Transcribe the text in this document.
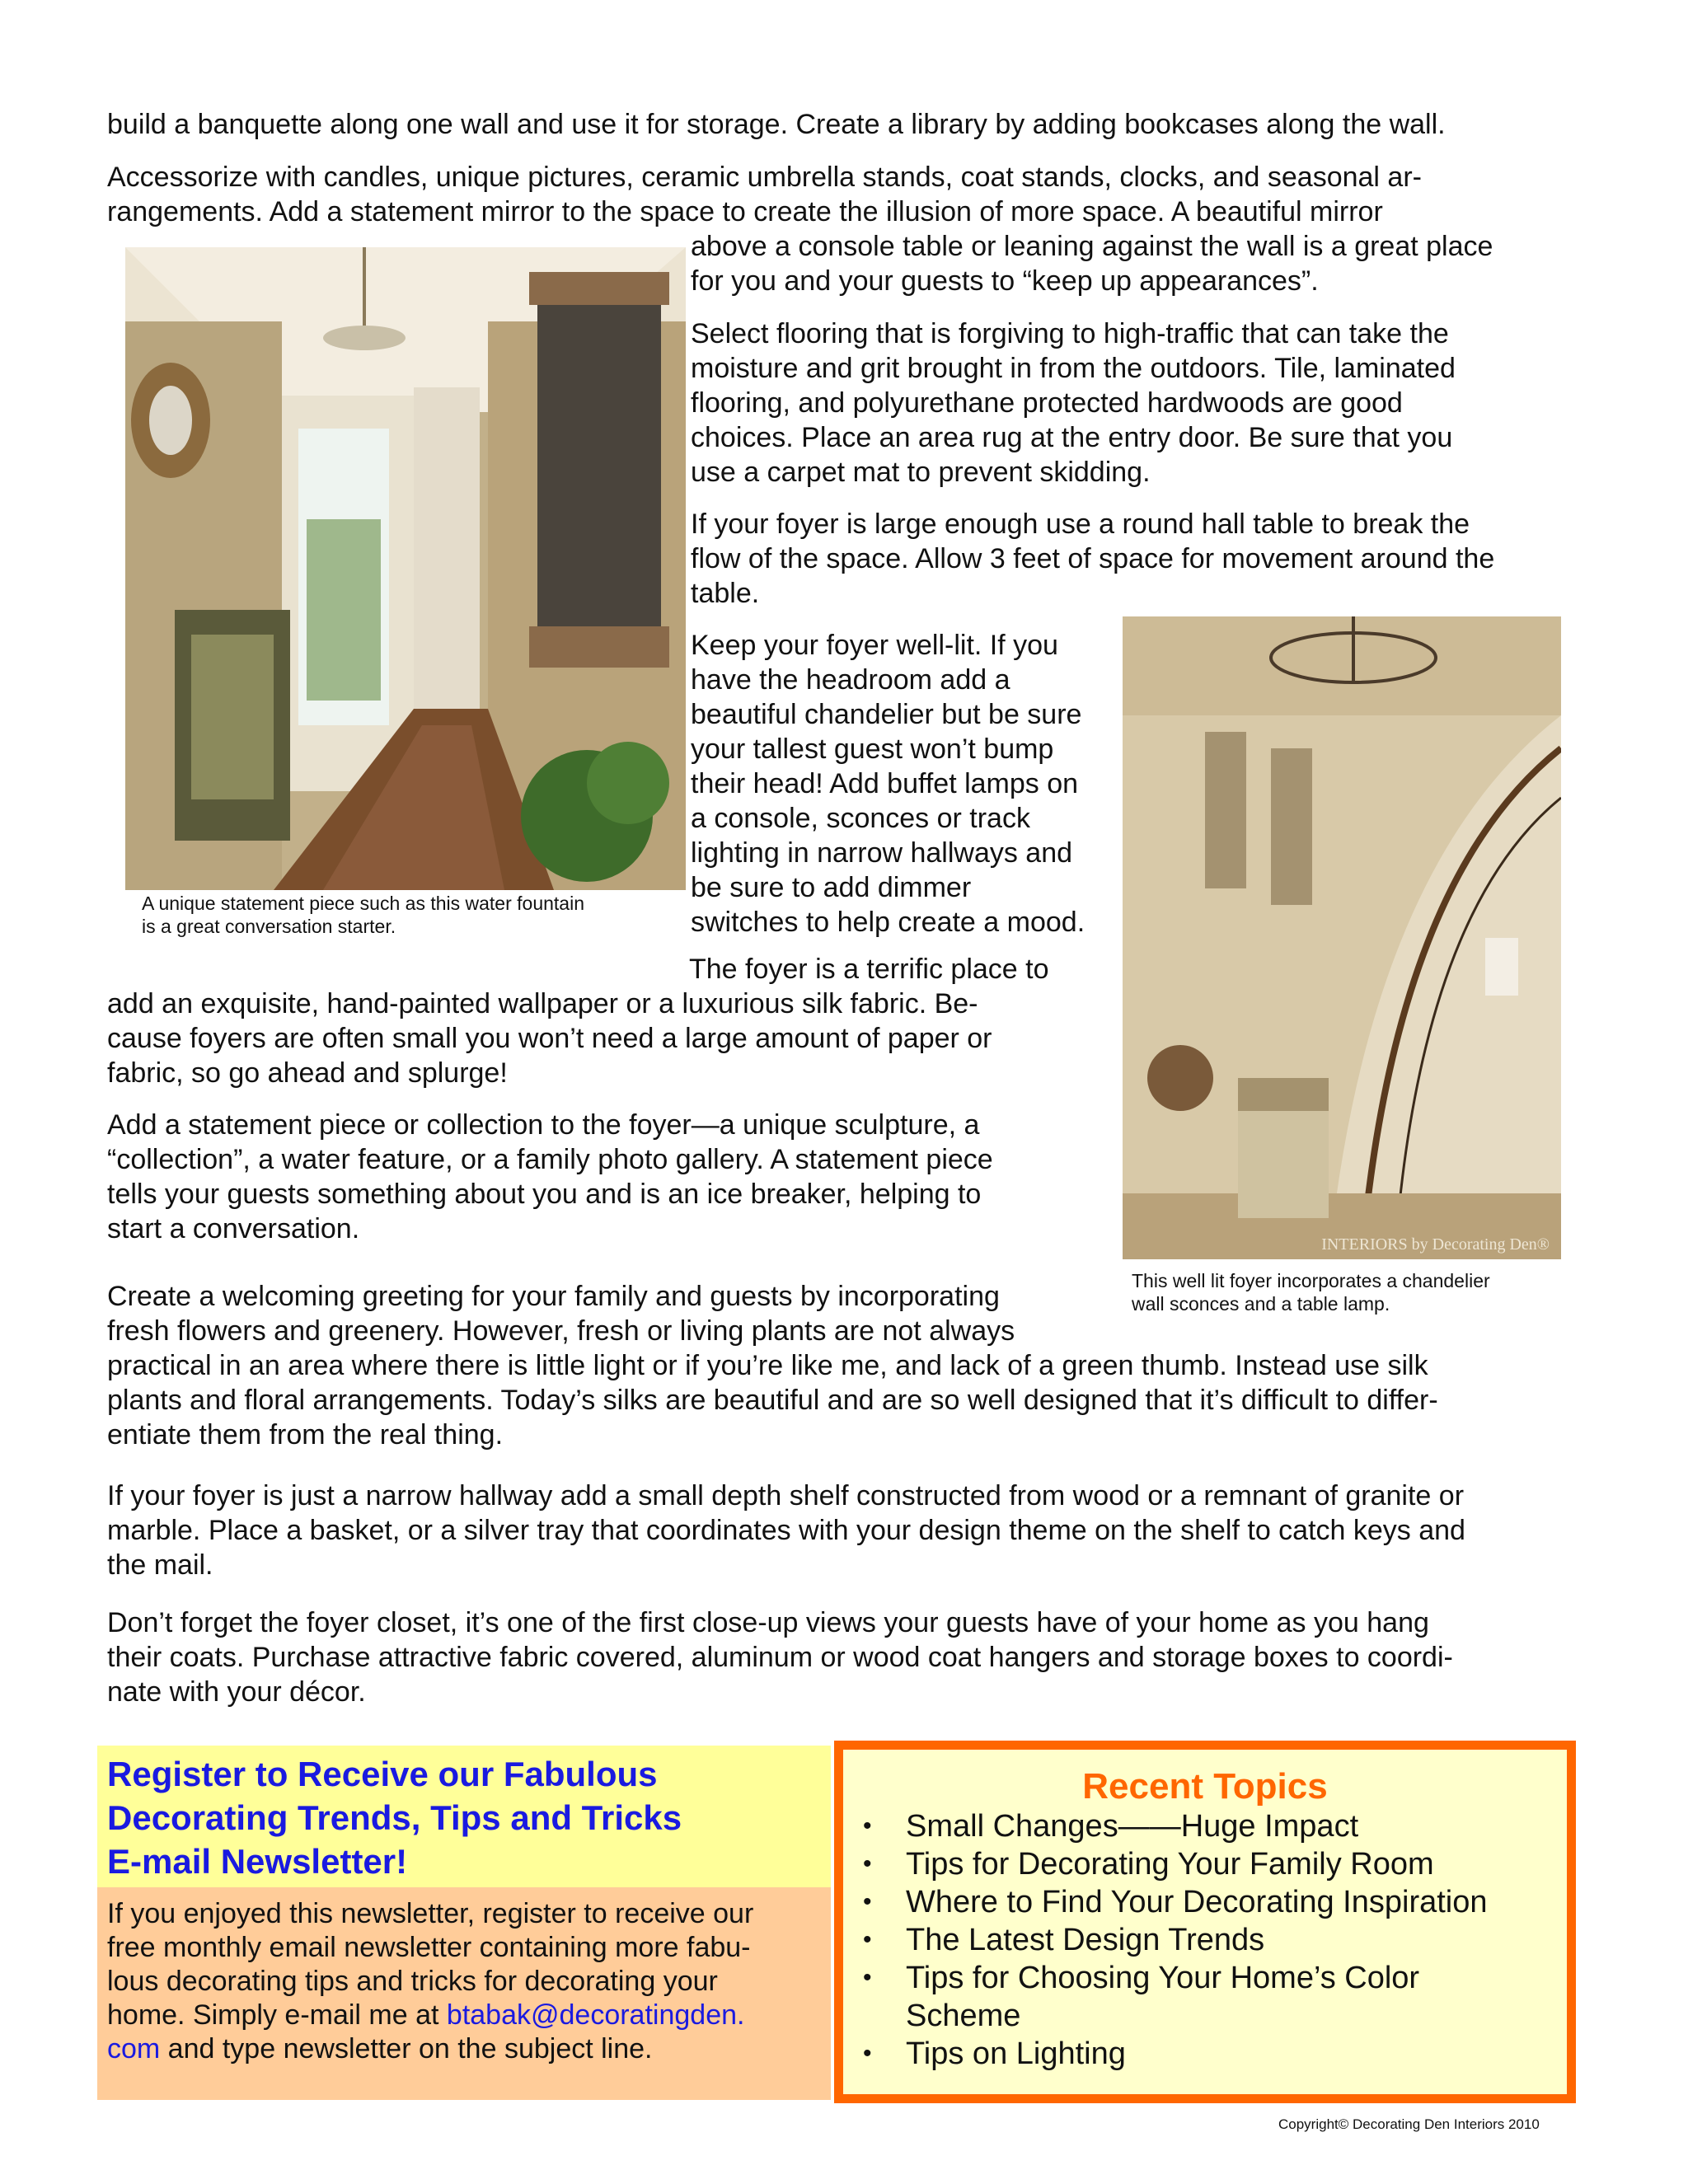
build a banquette along one wall and use it for storage. Create a library by adding bookcases along the wall.

Accessorize with candles, unique pictures, ceramic umbrella stands, coat stands, clocks, and seasonal ar-
rangements. Add a statement mirror to the space to create the illusion of more space. A beautiful mirror

above a console table or leaning against the wall is a great place
for you and your guests to “keep up appearances”.

A unique statement piece such as this water fountain
is a great conversation starter.

Select flooring that is forgiving to high-traffic that can take the
moisture and grit brought in from the outdoors. Tile, laminated
flooring, and polyurethane protected hardwoods are good
choices. Place an area rug at the entry door. Be sure that you
use a carpet mat to prevent skidding.

If your foyer is large enough use a round hall table to break the
flow of the space. Allow 3 feet of space for movement around the
table.

Keep your foyer well-lit. If you
have the headroom add a
beautiful chandelier but be sure
your tallest guest won’t bump
their head! Add buffet lamps on
a console, sconces or track
lighting in narrow hallways and
be sure to add dimmer
switches to help create a mood.

INTERIORS by Decorating Den®
This well lit foyer incorporates a chandelier
wall sconces and a table lamp.

The foyer is a terrific place to

add an exquisite, hand-painted wallpaper or a luxurious silk fabric. Be-
cause foyers are often small you won’t need a large amount of paper or
fabric, so go ahead and splurge!

Add a statement piece or collection to the foyer—a unique sculpture, a
“collection”, a water feature, or a family photo gallery. A statement piece
tells your guests something about you and is an ice breaker, helping to
start a conversation.

Create a welcoming greeting for your family and guests by incorporating
fresh flowers and greenery. However, fresh or living plants are not always
practical in an area where there is little light or if you’re like me, and lack of a green thumb. Instead use silk
plants and floral arrangements. Today’s silks are beautiful and are so well designed that it’s difficult to differ-
entiate them from the real thing.

If your foyer is just a narrow hallway add a small depth shelf constructed from wood or a remnant of granite or
marble. Place a basket, or a silver tray that coordinates with your design theme on the shelf to catch keys and
the mail.

Don’t forget the foyer closet, it’s one of the first close-up views your guests have of your home as you hang
their coats. Purchase attractive fabric covered, aluminum or wood coat hangers and storage boxes to coordi-
nate with your décor.

Register to Receive our Fabulous
Decorating Trends, Tips and Tricks
E-mail Newsletter!
If you enjoyed this newsletter, register to receive our
free monthly email newsletter containing more fabu-
lous decorating tips and tricks for decorating your
home. Simply e-mail me at btabak@decoratingden.
com and type newsletter on the subject line.
Recent Topics
• Small Changes——Huge Impact
• Tips for Decorating Your Family Room
• Where to Find Your Decorating Inspiration
• The Latest Design Trends
• Tips for Choosing Your Home’s Color
Scheme
• Tips on Lighting
Copyright© Decorating Den Interiors 2010
